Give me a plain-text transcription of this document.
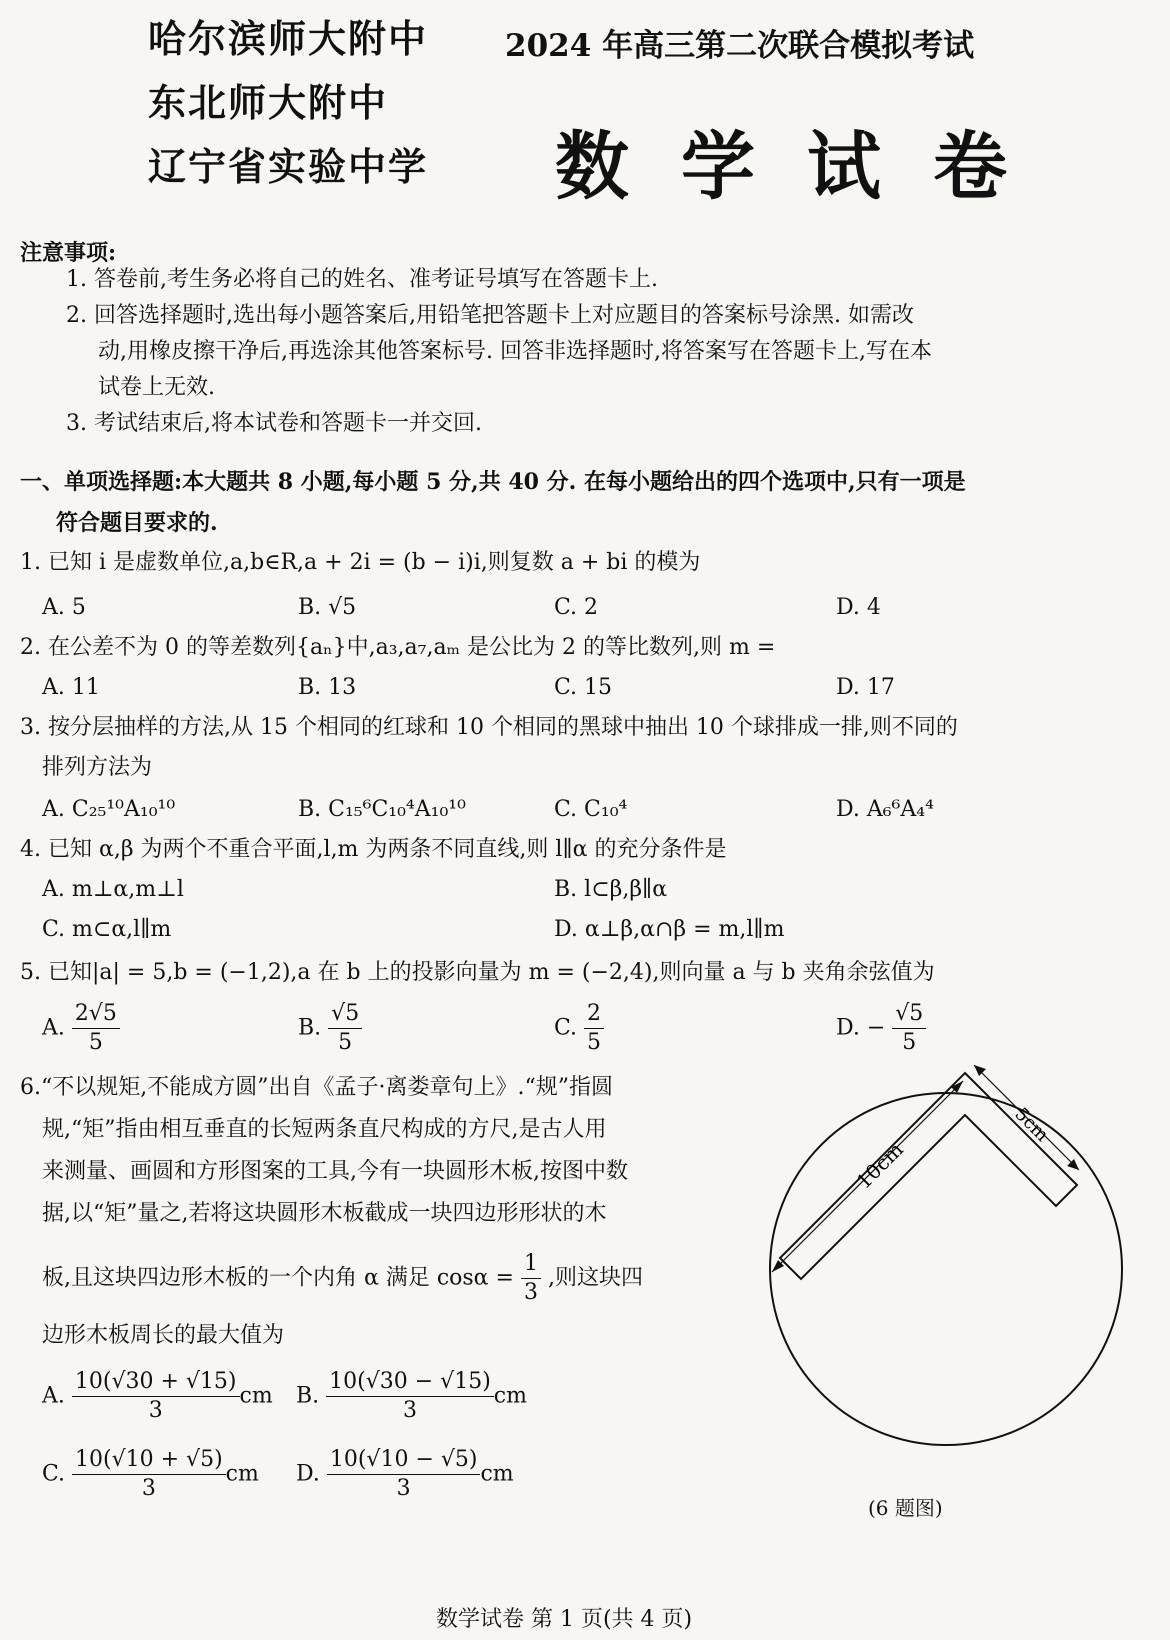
哈尔滨师大附中
东北师大附中
辽宁省实验中学
2024 年高三第二次联合模拟考试
数学试卷
注意事项:
1. 答卷前,考生务必将自己的姓名、准考证号填写在答题卡上.
2. 回答选择题时,选出每小题答案后,用铅笔把答题卡上对应题目的答案标号涂黑. 如需改
动,用橡皮擦干净后,再选涂其他答案标号. 回答非选择题时,将答案写在答题卡上,写在本
试卷上无效.
3. 考试结束后,将本试卷和答题卡一并交回.
一、单项选择题:本大题共 8 小题,每小题 5 分,共 40 分. 在每小题给出的四个选项中,只有一项是
符合题目要求的.
1. 已知 i 是虚数单位,a,b∈R,a + 2i = (b − i)i,则复数 a + bi 的模为
A. 5	B. √5	C. 2	D. 4
2. 在公差不为 0 的等差数列{aₙ}中,a₃,a₇,aₘ 是公比为 2 的等比数列,则 m =
A. 11	B. 13	C. 15	D. 17
3. 按分层抽样的方法,从 15 个相同的红球和 10 个相同的黑球中抽出 10 个球排成一排,则不同的
排列方法为
A. C₂₅¹⁰A₁₀¹⁰	B. C₁₅⁶C₁₀⁴A₁₀¹⁰	C. C₁₀⁴	D. A₆⁶A₄⁴
4. 已知 α,β 为两个不重合平面,l,m 为两条不同直线,则 l∥α 的充分条件是
A. m⊥α,m⊥l	B. l⊂β,β∥α
C. m⊂α,l∥m	D. α⊥β,α∩β = m,l∥m
5. 已知|a| = 5,b = (−1,2),a 在 b 上的投影向量为 m = (−2,4),则向量 a 与 b 夹角余弦值为
A. $\frac{2√5}{5}$	B. $\frac{√5}{5}$	C. $\frac{2}{5}$	D. − $\frac{√5}{5}$
6.“不以规矩,不能成方圆”出自《孟子·离娄章句上》.“规”指圆
规,“矩”指由相互垂直的长短两条直尺构成的方尺,是古人用
来测量、画圆和方形图案的工具,今有一块圆形木板,按图中数
据,以“矩”量之,若将这块圆形木板截成一块四边形形状的木
板,且这块四边形木板的一个内角 α 满足 $\cos\alpha = \frac{1}{3}$ ,则这块四
边形木板周长的最大值为
A. $\frac{10(√30 + √15)}{3}$ cm B. $\frac{10(√30 - √15)}{3}$ cm
C. $\frac{10(√10 + √5)}{3}$ cm D. $\frac{10(√10 - √5)}{3}$ cm
10cm
5cm
(6 题图)
数学试卷 第 1 页(共 4 页)
